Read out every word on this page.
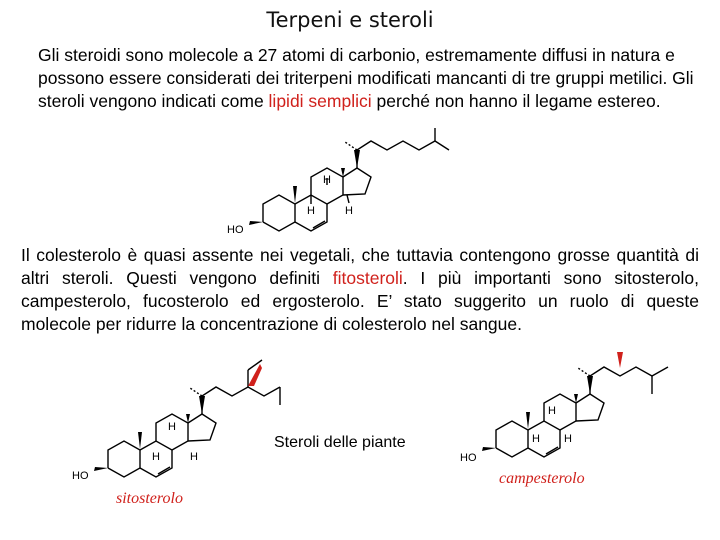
Terpeni e steroli
Gli steroidi sono molecole a 27 atomi di carbonio, estremamente diffusi in natura e possono essere considerati dei triterpeni modificati mancanti di tre gruppi metilici. Gli steroli vengono indicati come lipidi semplici perché non hanno il legame estereo.
HO
H
H	H
Il colesterolo è quasi assente nei vegetali, che tuttavia contengono grosse quantità di altri steroli. Questi vengono definiti fitosteroli. I più importanti sono sitosterolo, campesterolo, fucosterolo ed ergosterolo. E’ stato suggerito un ruolo di queste molecole per ridurre la concentrazione di colesterolo nel sangue.
HO
H
H	H
sitosterolo
Steroli delle piante
HO
H
H H
campesterolo
